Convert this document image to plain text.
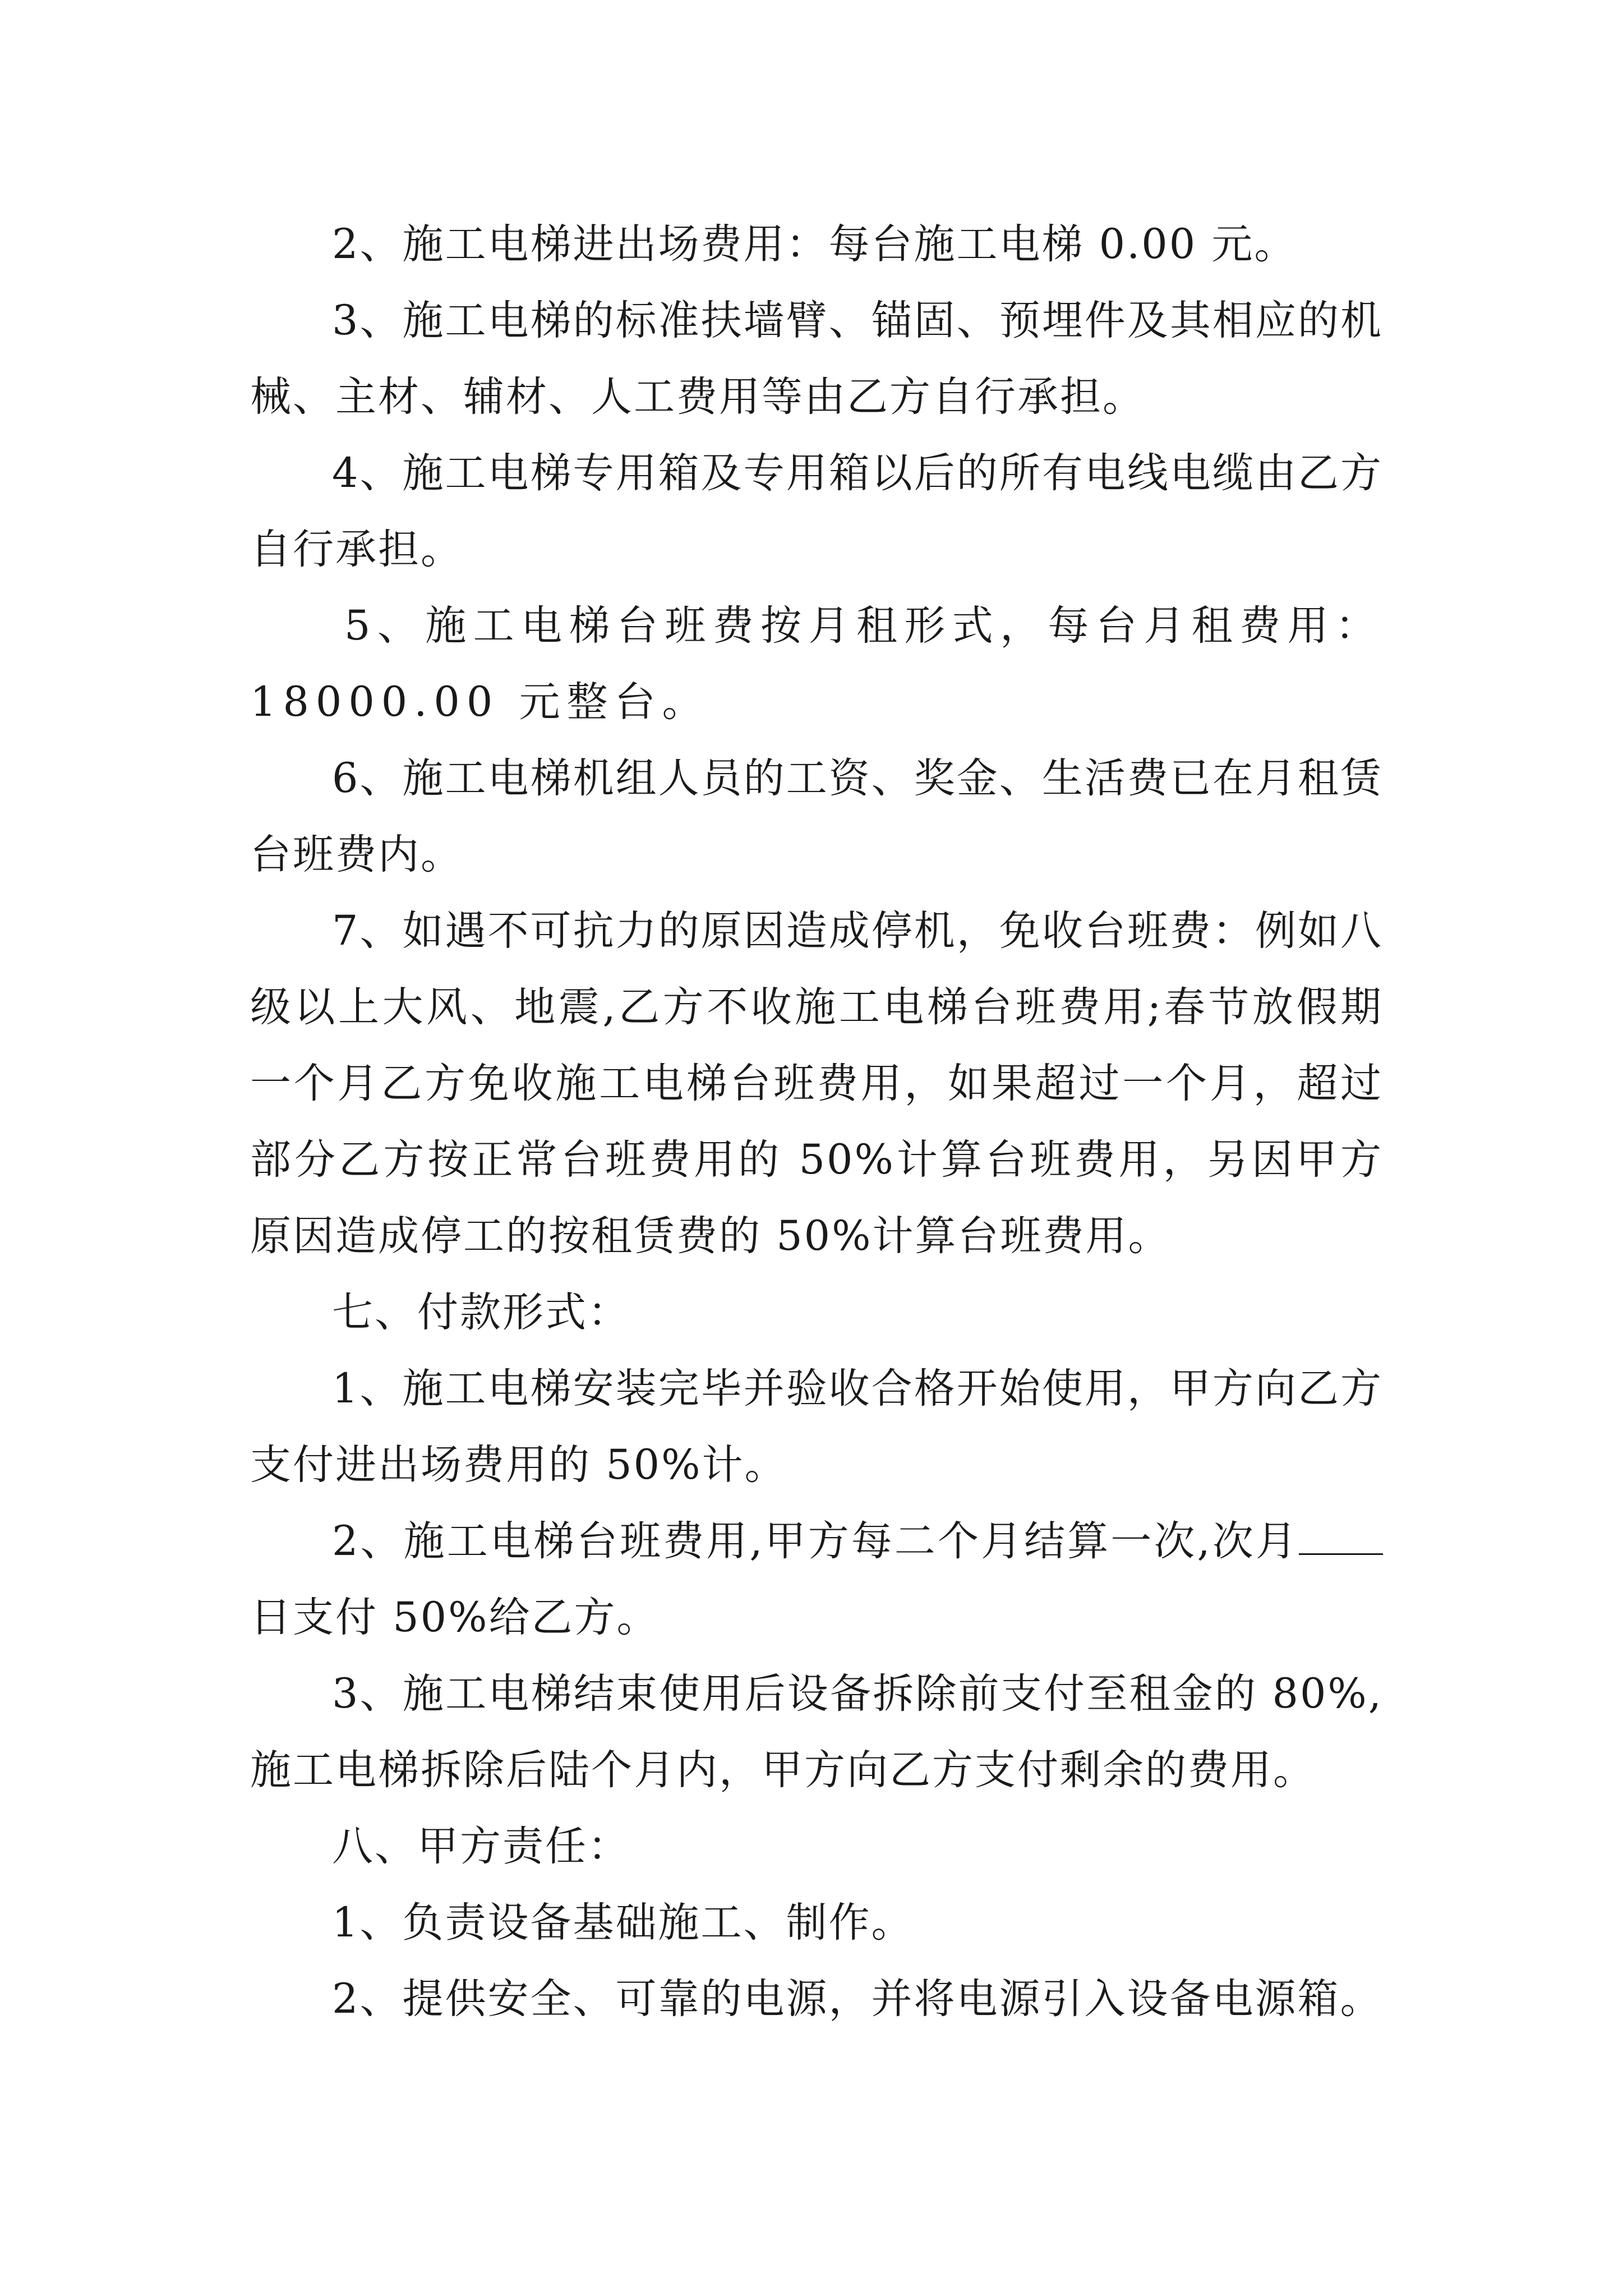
2、施工电梯进出场费用：每台施工电梯 0.00 元。

3、施工电梯的标准扶墙臂、锚固、预埋件及其相应的机械、主材、辅材、人工费用等由乙方自行承担。

4、施工电梯专用箱及专用箱以后的所有电线电缆由乙方自行承担。

5、施工电梯台班费按月租形式，每台月租费用：18000.00 元整台。

6、施工电梯机组人员的工资、奖金、生活费已在月租赁台班费内。

7、如遇不可抗力的原因造成停机，免收台班费：例如八级以上大风、地震,乙方不收施工电梯台班费用;春节放假期一个月乙方免收施工电梯台班费用，如果超过一个月，超过部分乙方按正常台班费用的 50%计算台班费用，另因甲方原因造成停工的按租赁费的 50%计算台班费用。

七、付款形式：

1、施工电梯安装完毕并验收合格开始使用，甲方向乙方支付进出场费用的 50%计。

2、施工电梯台班费用,甲方每二个月结算一次,次月日支付 50%给乙方。

3、施工电梯结束使用后设备拆除前支付至租金的 80%,施工电梯拆除后陆个月内，甲方向乙方支付剩余的费用。

八、甲方责任：

1、负责设备基础施工、制作。

2、提供安全、可靠的电源，并将电源引入设备电源箱。
